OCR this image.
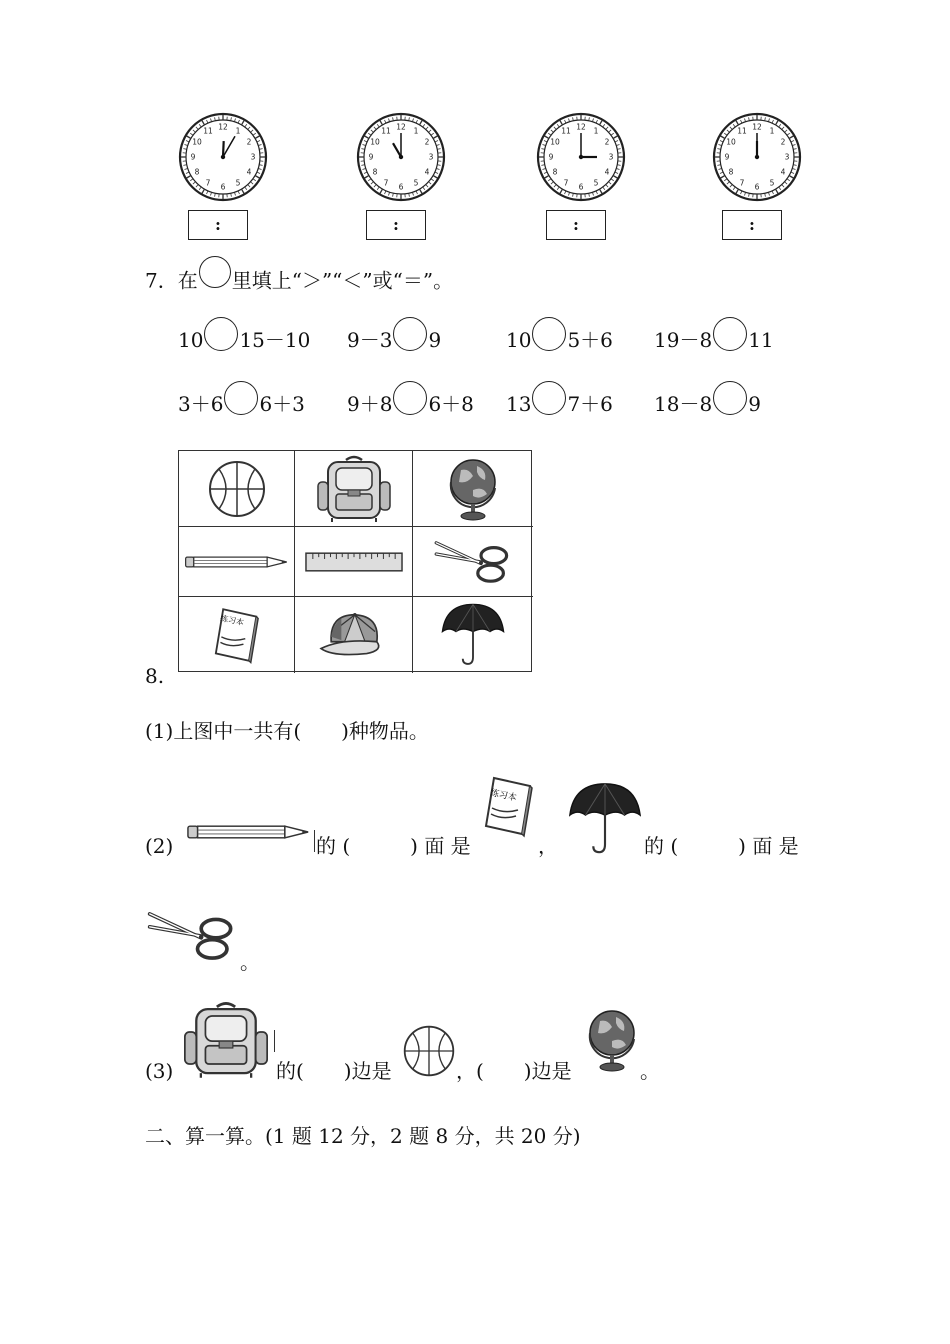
1
2
3
4
5
6
7
8
9
10
11 12
:
1
2
3
4
5
6
7
8
9
10
11 12
:
1
2
3
4
5
6
7
8
9
10
11 12
:
1
2
3
4
5
6
7
8
9
10
11 12
:
7．在 里填上“＞”“＜”或“＝”。
10 15－10 9－3 9	10 5＋6 19－8 11
3＋6 6＋3 9＋8 6＋8 13 7＋6 18－8 9
8.
练习本
(1)上图中一共有(　　)种物品。
(2)	的 (　　　) 面 是
练习本
，	的 (　　　) 面 是
。
(3)	的(　　)边是	，(　　)边是	。
二、算一算。(1 题 12 分，2 题 8 分，共 20 分)
